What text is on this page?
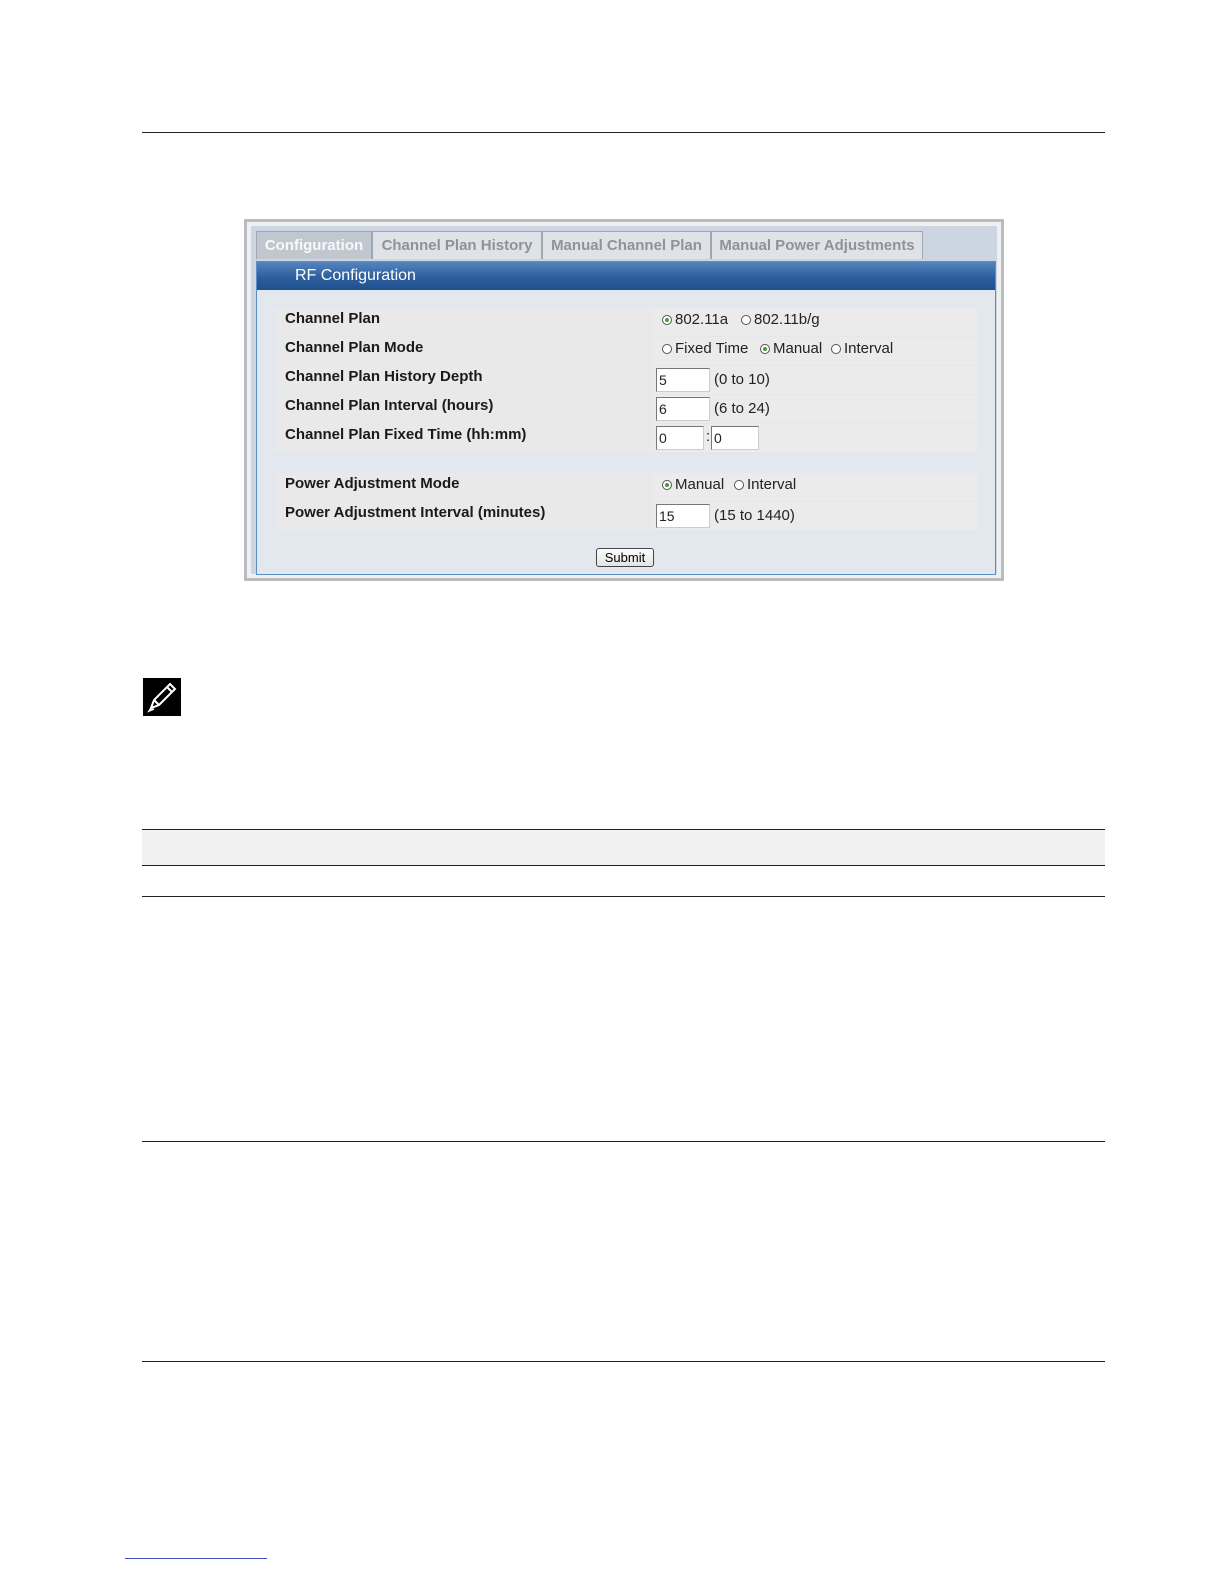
Configuration	Channel Plan History	Manual Channel Plan	Manual Power Adjustments
RF Configuration
Channel Plan	802.11a 802.11b/g
Channel Plan Mode	Fixed Time Manual Interval
Channel Plan History Depth	5	(0 to 10)
Channel Plan Interval (hours)	6	(6 to 24)
Channel Plan Fixed Time (hh:mm)	0	: 0
Power Adjustment Mode	Manual Interval
Power Adjustment Interval (minutes)	15	(15 to 1440)
Submit
